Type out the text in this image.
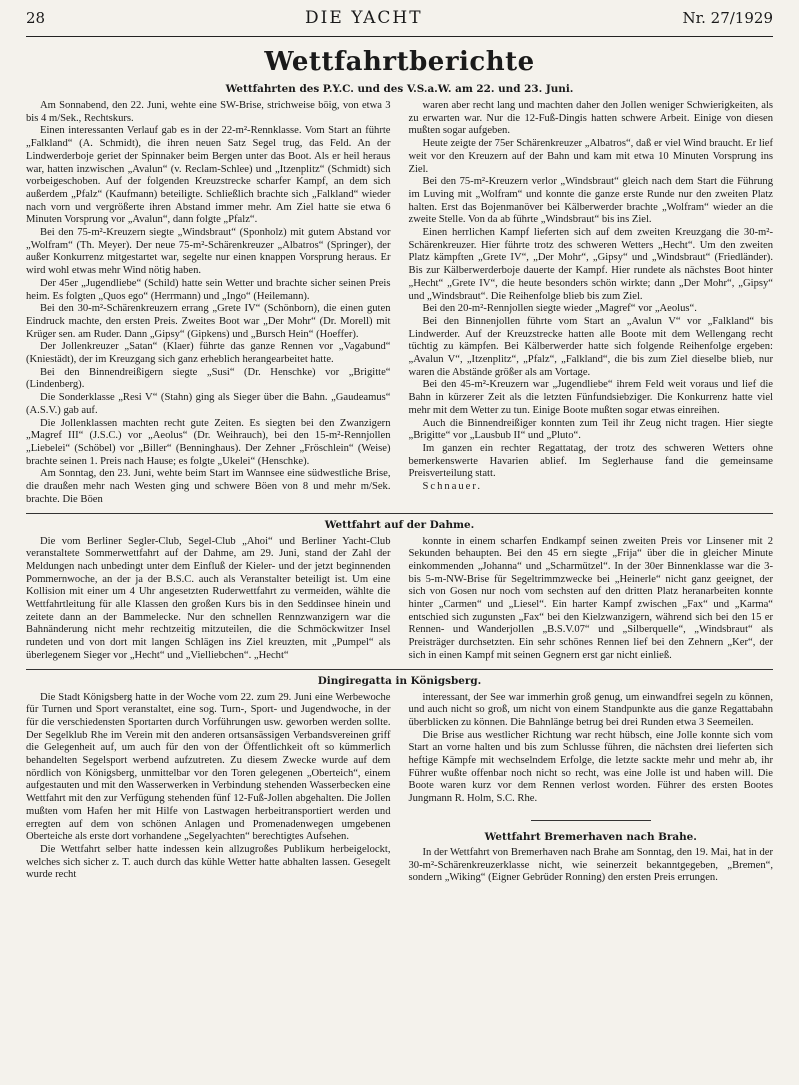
28	DIE YACHT	Nr. 27/1929
Wettfahrtberichte
Wettfahrten des P.Y.C. und des V.S.a.W. am 22. und 23. Juni.

Am Sonnabend, den 22. Juni, wehte eine SW-Brise, strichweise böig, von etwa 3 bis 4 m/Sek., Rechtskurs.

Einen interessanten Verlauf gab es in der 22-m²-Rennklasse. Vom Start an führte „Falkland“ (A. Schmidt), die ihren neuen Satz Segel trug, das Feld. An der Lindwerderboje geriet der Spinnaker beim Bergen unter das Boot. Als er heil heraus war, hatten inzwischen „Avalun“ (v. Reclam-Schlee) und „Itzenplitz“ (Schmidt) sich vorbeigeschoben. Auf der folgenden Kreuzstrecke scharfer Kampf, an dem sich außerdem „Pfalz“ (Kaufmann) beteiligte. Schließlich brachte sich „Falkland“ wieder nach vorn und vergrößerte ihren Abstand immer mehr. Am Ziel hatte sie etwa 6 Minuten Vorsprung vor „Avalun“, dann folgte „Pfalz“.

Bei den 75-m²-Kreuzern siegte „Windsbraut“ (Sponholz) mit gutem Abstand vor „Wolfram“ (Th. Meyer). Der neue 75-m²-Schärenkreuzer „Albatros“ (Springer), der außer Konkurrenz mitgestartet war, segelte nur einen knappen Vorsprung heraus. Er wird wohl etwas mehr Wind nötig haben.

Der 45er „Jugendliebe“ (Schild) hatte sein Wetter und brachte sicher seinen Preis heim. Es folgten „Quos ego“ (Herrmann) und „Ingo“ (Heilemann).

Bei den 30-m²-Schärenkreuzern errang „Grete IV“ (Schönborn), die einen guten Eindruck machte, den ersten Preis. Zweites Boot war „Der Mohr“ (Dr. Morell) mit Krüger sen. am Ruder. Dann „Gipsy“ (Gipkens) und „Bursch Hein“ (Hoeffer).

Der Jollenkreuzer „Satan“ (Klaer) führte das ganze Rennen vor „Vagabund“ (Kniestädt), der im Kreuzgang sich ganz erheblich herangearbeitet hatte.

Bei den Binnendreißigern siegte „Susi“ (Dr. Henschke) vor „Brigitte“ (Lindenberg).

Die Sonderklasse „Resi V“ (Stahn) ging als Sieger über die Bahn. „Gaudeamus“ (A.S.V.) gab auf.

Die Jollenklassen machten recht gute Zeiten. Es siegten bei den Zwanzigern „Magref III“ (J.S.C.) vor „Aeolus“ (Dr. Weihrauch), bei den 15-m²-Rennjollen „Liebelei“ (Schöbel) vor „Biller“ (Benninghaus). Der Zehner „Fröschlein“ (Weise) brachte seinen 1. Preis nach Hause; es folgte „Ukelei“ (Henschke).

Am Sonntag, den 23. Juni, wehte beim Start im Wannsee eine südwestliche Brise, die draußen mehr nach Westen ging und schwere Böen von 8 und mehr m/Sek. brachte. Die Böen

waren aber recht lang und machten daher den Jollen weniger Schwierigkeiten, als zu erwarten war. Nur die 12-Fuß-Dingis hatten schwere Arbeit. Einige von diesen mußten sogar aufgeben.

Heute zeigte der 75er Schärenkreuzer „Albatros“, daß er viel Wind braucht. Er lief weit vor den Kreuzern auf der Bahn und kam mit etwa 10 Minuten Vorsprung ins Ziel.

Bei den 75-m²-Kreuzern verlor „Windsbraut“ gleich nach dem Start die Führung im Luving mit „Wolfram“ und konnte die ganze erste Runde nur den zweiten Platz halten. Erst das Bojenmanöver bei Kälberwerder brachte „Wolfram“ wieder an die zweite Stelle. Von da ab führte „Windsbraut“ bis ins Ziel.

Einen herrlichen Kampf lieferten sich auf dem zweiten Kreuzgang die 30-m²-Schärenkreuzer. Hier führte trotz des schweren Wetters „Hecht“. Um den zweiten Platz kämpften „Grete IV“, „Der Mohr“, „Gipsy“ und „Windsbraut“ (Friedländer). Bis zur Kälberwerderboje dauerte der Kampf. Hier rundete als nächstes Boot hinter „Hecht“ „Grete IV“, die heute besonders schön wirkte; dann „Der Mohr“, „Gipsy“ und „Windsbraut“. Die Reihenfolge blieb bis zum Ziel.

Bei den 20-m²-Rennjollen siegte wieder „Magref“ vor „Aeolus“.

Bei den Binnenjollen führte vom Start an „Avalun V“ vor „Falkland“ bis Lindwerder. Auf der Kreuzstrecke hatten alle Boote mit dem Wellengang recht tüchtig zu kämpfen. Bei Kälberwerder hatte sich folgende Reihenfolge ergeben: „Avalun V“, „Itzenplitz“, „Pfalz“, „Falkland“, die bis zum Ziel dieselbe blieb, nur waren die Abstände größer als am Vortage.

Bei den 45-m²-Kreuzern war „Jugendliebe“ ihrem Feld weit voraus und lief die Bahn in kürzerer Zeit als die letzten Fünfundsiebziger. Die Konkurrenz hatte viel mehr mit dem Wetter zu tun. Einige Boote mußten sogar etwas einreihen.

Auch die Binnendreißiger konnten zum Teil ihr Zeug nicht tragen. Hier siegte „Brigitte“ vor „Lausbub II“ und „Pluto“.

Im ganzen ein rechter Regattatag, der trotz des schweren Wetters ohne bemerkenswerte Havarien ablief. Im Seglerhause fand die gemeinsame Preisverteilung statt.

Schnauer.

Wettfahrt auf der Dahme.

Die vom Berliner Segler-Club, Segel-Club „Ahoi“ und Berliner Yacht-Club veranstaltete Sommerwettfahrt auf der Dahme, am 29. Juni, stand der Zahl der Meldungen nach unbedingt unter dem Einfluß der Kieler- und der jetzt beginnenden Pommernwoche, an der ja der B.S.C. auch als Veranstalter beteiligt ist. Um eine Kollision mit einer um 4 Uhr angesetzten Ruderwettfahrt zu vermeiden, wählte die Wettfahrtleitung für alle Klassen den großen Kurs bis in den Seddinsee hinein und zeitete dann an der Bammelecke. Nur den schnellen Rennzwanzigern war die Bahnänderung nicht mehr rechtzeitig mitzuteilen, die die Schmöckwitzer Insel rundeten und von dort mit langen Schlägen ins Ziel kreuzten, mit „Pumpel“ als überlegenem Sieger vor „Hecht“ und „Vielliebchen“. „Hecht“

konnte in einem scharfen Endkampf seinen zweiten Preis vor Linsener mit 2 Sekunden behaupten. Bei den 45 ern siegte „Frija“ über die in gleicher Minute einkommenden „Johanna“ und „Scharmützel“. In der 30er Binnenklasse war die 3- bis 5-m-NW-Brise für Segeltrimmzwecke bei „Heinerle“ nicht ganz geeignet, der sich von Gosen nur noch vom sechsten auf den dritten Platz heranarbeiten konnte hinter „Carmen“ und „Liesel“. Ein harter Kampf zwischen „Fax“ und „Karma“ entschied sich zugunsten „Fax“ bei den Kielzwanzigern, während sich bei den 15 er Rennen- und Wanderjollen „B.S.V.07“ und „Silberquelle“, „Windsbraut“ als Preisträger durchsetzten. Ein sehr schönes Rennen lief bei den Zehnern „Ker“, der sich in einen Kampf mit seinen Gegnern erst gar nicht einließ.

Dingiregatta in Königsberg.

Die Stadt Königsberg hatte in der Woche vom 22. zum 29. Juni eine Werbewoche für Turnen und Sport veranstaltet, eine sog. Turn-, Sport- und Jugendwoche, in der für die verschiedensten Sportarten durch Vorführungen usw. geworben werden sollte. Der Segelklub Rhe im Verein mit den anderen ortsansässigen Verbandsvereinen griff die Gelegenheit auf, um auch für den von der Öffentlichkeit oft so kümmerlich behandelten Segelsport werbend aufzutreten. Zu diesem Zwecke wurde auf dem nördlich von Königsberg, unmittelbar vor den Toren gelegenen „Oberteich“, einem aufgestauten und mit den Wasserwerken in Verbindung stehenden Wasserbecken eine Wettfahrt mit den zur Verfügung stehenden fünf 12-Fuß-Jollen abgehalten. Die Jollen mußten vom Hafen her mit Hilfe von Lastwagen herbeitransportiert werden und erregten auf dem von schönen Anlagen und Promenadenwegen umgebenen Oberteiche als erste dort vorhandene „Segelyachten“ berechtigtes Aufsehen.

Die Wettfahrt selber hatte indessen kein allzugroßes Publikum herbeigelockt, welches sich sicher z. T. auch durch das kühle Wetter hatte abhalten lassen. Gesegelt wurde recht

interessant, der See war immerhin groß genug, um einwandfrei segeln zu können, und auch nicht so groß, um nicht von einem Standpunkte aus die ganze Regattabahn überblicken zu können. Die Bahnlänge betrug bei drei Runden etwa 3 Seemeilen.

Die Brise aus westlicher Richtung war recht hübsch, eine Jolle konnte sich vom Start an vorne halten und bis zum Schlusse führen, die nächsten drei lieferten sich heftige Kämpfe mit wechselndem Erfolge, die letzte sackte mehr und mehr ab, ihr Führer wußte offenbar noch nicht so recht, was eine Jolle ist und haben will. Die Boote waren kurz vor dem Rennen verlost worden. Führer des ersten Bootes Jungmann R. Holm, S.C. Rhe.

Wettfahrt Bremerhaven nach Brahe.

In der Wettfahrt von Bremerhaven nach Brahe am Sonntag, den 19. Mai, hat in der 30-m²-Schärenkreuzerklasse nicht, wie seinerzeit bekanntgegeben, „Bremen“, sondern „Wiking“ (Eigner Gebrüder Ronning) den ersten Preis errungen.
